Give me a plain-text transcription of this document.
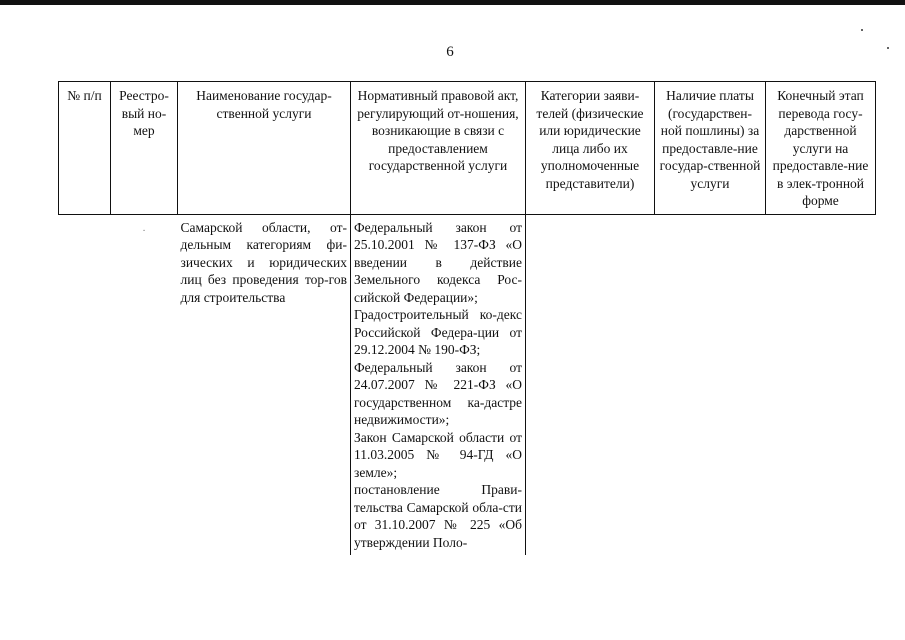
6
№ п/п	Реестро-вый но-мер	Наименование государ-ственной услуги	Нормативный правовой акт, регулирующий от-ношения, возникающие в связи с предоставлением государственной услуги	Категории заяви-телей (физические или юридические лица либо их уполномоченные представители)	Наличие платы (государствен-ной пошлины) за предоставле-ние государ-ственной услуги	Конечный этап перевода госу-дарственной услуги на предоставле-ние в элек-тронной форме

	·	Самарской области, от-дельным категориям фи-зических и юридических лиц без проведения тор-гов для строительства	Федеральный закон от 25.10.2001 № 137-ФЗ «О введении в действие Земельного кодекса Рос-сийской Федерации»;
Градостроительный ко-декс Российской Федера-ции от 29.12.2004 № 190-ФЗ;
Федеральный закон от 24.07.2007 № 221-ФЗ «О государственном ка-дастре недвижимости»;
Закон Самарской области от 11.03.2005 № 94-ГД «О земле»;
постановление Прави-тельства Самарской обла-сти от 31.10.2007 № 225 «Об утверждении Поло-			
